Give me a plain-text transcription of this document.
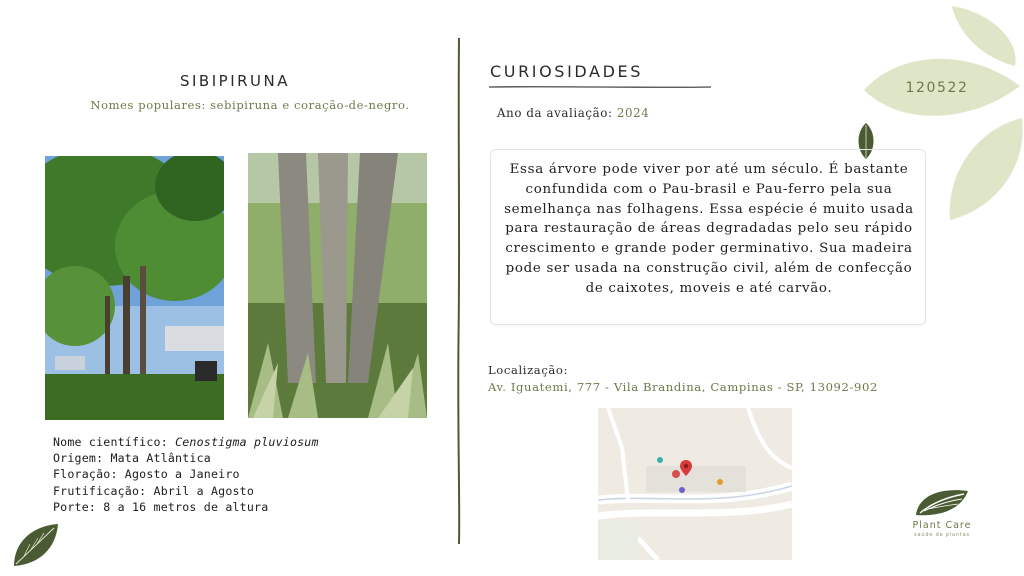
120522
SIBIPIRUNA
Nomes populares: sebipiruna e coração-de-negro.
Nome científico: Cenostigma pluviosum
Origem: Mata Atlântica
Floração: Agosto a Janeiro
Frutificação: Abril a Agosto
Porte: 8 a 16 metros de altura
CURIOSIDADES
Ano da avaliação: 2024
Essa árvore pode viver por até um século. É bastante confundida com o Pau-brasil e Pau-ferro pela sua semelhança nas folhagens. Essa espécie é muito usada para restauração de áreas degradadas pelo seu rápido crescimento e grande poder germinativo. Sua madeira pode ser usada na construção civil, além de confecção de caixotes, moveis e até carvão.
Localização:
Av. Iguatemi, 777 - Vila Brandina, Campinas - SP, 13092-902
Plant Care
saúde de plantas
